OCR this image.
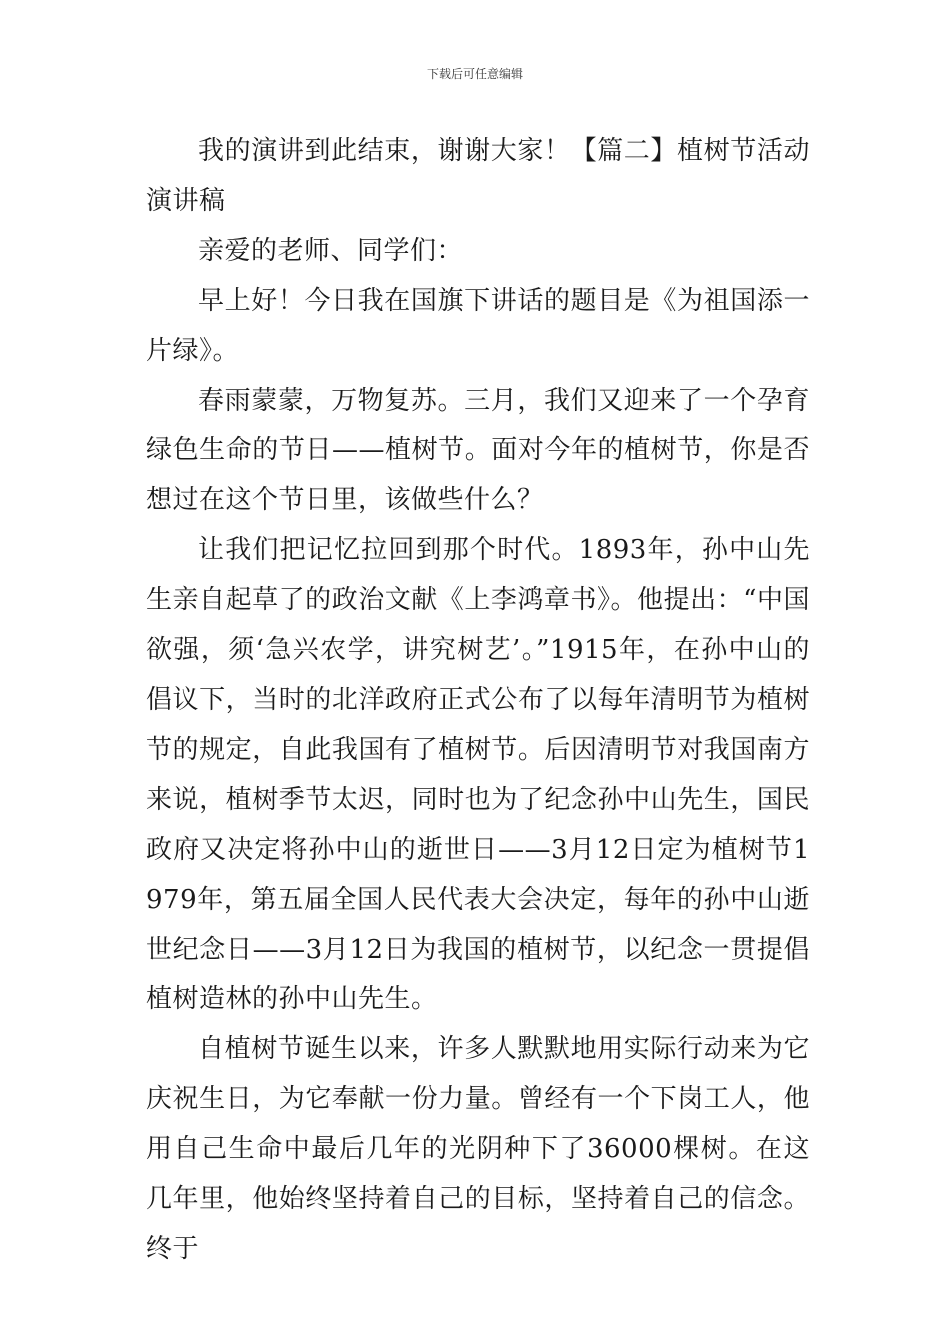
下载后可任意编辑

我的演讲到此结束，谢谢大家！【篇二】植树节活动演讲稿

亲爱的老师、同学们：

早上好！今日我在国旗下讲话的题目是《为祖国添一片绿》。

春雨蒙蒙，万物复苏。三月，我们又迎来了一个孕育绿色生命的节日——植树节。面对今年的植树节，你是否想过在这个节日里，该做些什么？

让我们把记忆拉回到那个时代。1893年，孙中山先生亲自起草了的政治文献《上李鸿章书》。他提出：“中国欲强，须‘急兴农学，讲究树艺’。”1915年，在孙中山的倡议下，当时的北洋政府正式公布了以每年清明节为植树节的规定，自此我国有了植树节。后因清明节对我国南方来说，植树季节太迟，同时也为了纪念孙中山先生，国民政府又决定将孙中山的逝世日——3月12日定为植树节1979年，第五届全国人民代表大会决定，每年的孙中山逝世纪念日——3月12日为我国的植树节，以纪念一贯提倡植树造林的孙中山先生。

自植树节诞生以来，许多人默默地用实际行动来为它庆祝生日，为它奉献一份力量。曾经有一个下岗工人，他用自己生命中最后几年的光阴种下了36000棵树。在这几年里，他始终坚持着自己的目标，坚持着自己的信念。终于
